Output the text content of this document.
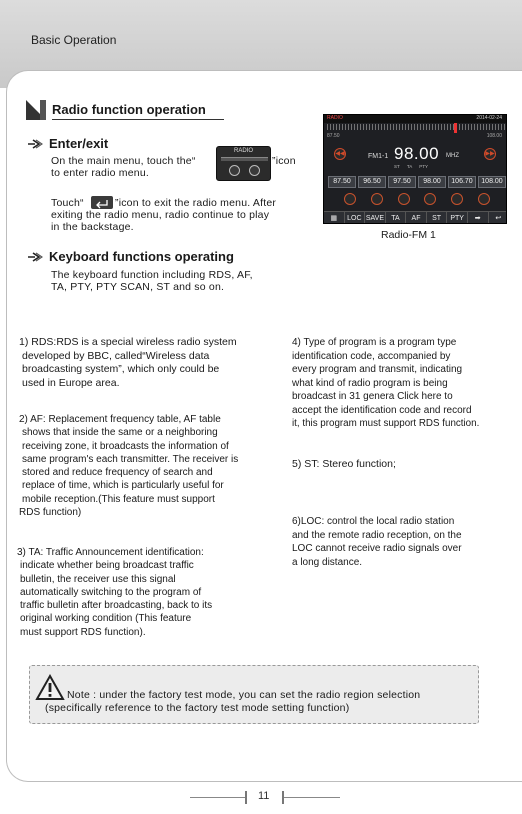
Basic Operation
Radio function operation
Enter/exit
On the main menu, touch the“
RADIO
”icon
to enter radio menu.
Touch“	”icon to exit the radio menu. After
exiting the radio menu, radio continue to play
in the backstage.
RADIO	2014-02-24
87.50	108.00
◀◀	▶▶
FM1-1 98.00 MHZ
ST TA PTY
87.50	96.50	97.50	98.00	106.70	108.00
▦	LOC SAVE	TA	AF	ST	PTY	➡	↩
Radio-FM 1
Keyboard functions operating
The keyboard function including RDS, AF,
TA, PTY, PTY SCAN, ST and so on.
1) RDS:RDS is a special wireless radio system
developed by BBC, called“Wireless data
broadcasting system”, which only could be
used in Europe area.
2) AF: Replacement frequency table, AF table
shows that inside the same or a neighboring
receiving zone, it broadcasts the information of
same program's each transmitter. The receiver is
stored and reduce frequency of search and
replace of time, which is particularly useful for
mobile reception.(This feature must support
RDS function)
3) TA: Traffic Announcement identification:
indicate whether being broadcast traffic
bulletin, the receiver use this signal
automatically switching to the program of
traffic bulletin after broadcasting, back to its
original working condition (This feature
must support RDS function).
4) Type of program is a program type
identification code, accompanied by
every program and transmit, indicating
what kind of radio program is being
broadcast in 31 genera Click here to
accept the identification code and record
it, this program must support RDS function.
5) ST: Stereo function;
6)LOC: control the local radio station
and the remote radio reception, on the
LOC cannot receive radio signals over
a long distance.
Note : under the factory test mode, you can set the radio region selection
(specifically reference to the factory test mode setting function)
11
